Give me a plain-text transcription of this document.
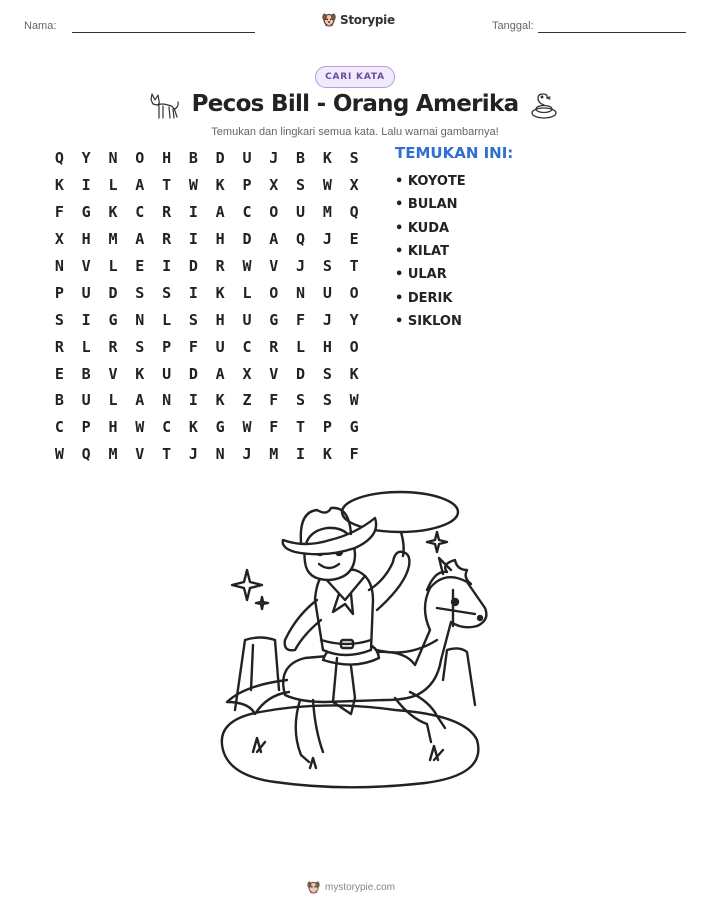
Nama:	Storypie	Tanggal:
CARI KATA
Pecos Bill - Orang Amerika
Temukan dan lingkari semua kata. Lalu warnai gambarnya!
Q	Y	N	O	H	B	D	U	J	B	K	S
K	I	L	A	T	W	K	P	X	S	W	X
F	G	K	C	R	I	A	C	O	U	M	Q
X	H	M	A	R	I	H	D	A	Q	J	E
N	V	L	E	I	D	R	W	V	J	S	T
P	U	D	S	S	I	K	L	O	N	U	O
S	I	G	N	L	S	H	U	G	F	J	Y
R	L	R	S	P	F	U	C	R	L	H	O
E	B	V	K	U	D	A	X	V	D	S	K
B	U	L	A	N	I	K	Z	F	S	S	W
C	P	H	W	C	K	G	W	F	T	P	G
W	Q	M	V	T	J	N	J	M	I	K	F
TEMUKAN INI:
• KOYOTE
• BULAN
• KUDA
• KILAT
• ULAR
• DERIK
• SIKLON
mystorypie.com
